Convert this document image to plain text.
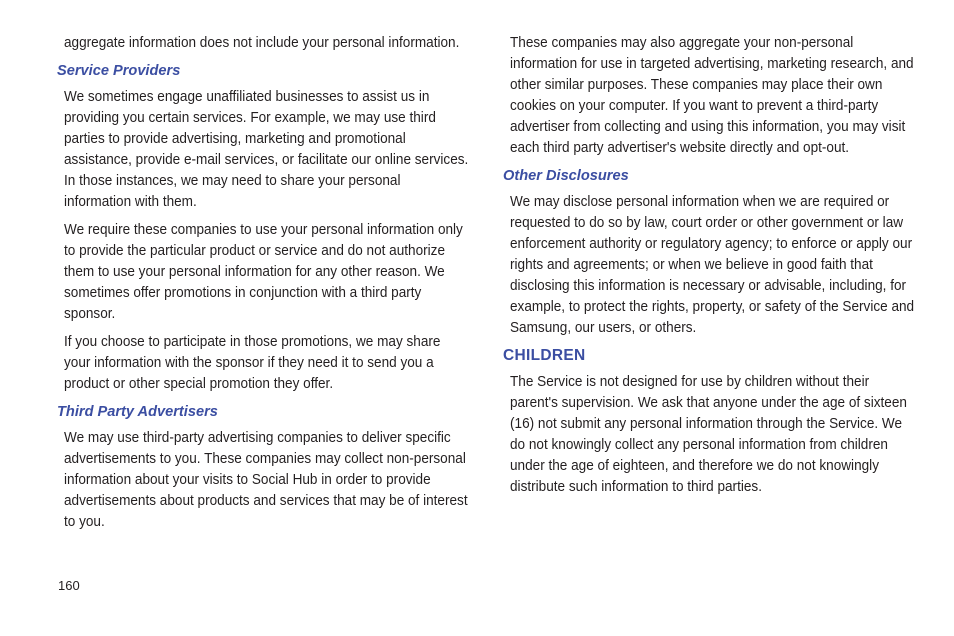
aggregate information does not include your personal information.

Service Providers

We sometimes engage unaffiliated businesses to assist us in providing you certain services. For example, we may use third parties to provide advertising, marketing and promotional assistance, provide e-mail services, or facilitate our online services. In those instances, we may need to share your personal information with them.

We require these companies to use your personal information only to provide the particular product or service and do not authorize them to use your personal information for any other reason. We sometimes offer promotions in conjunction with a third party sponsor.

If you choose to participate in those promotions, we may share your information with the sponsor if they need it to send you a product or other special promotion they offer.

Third Party Advertisers

We may use third-party advertising companies to deliver specific advertisements to you. These companies may collect non-personal information about your visits to Social Hub in order to provide advertisements about products and services that may be of interest to you.

These companies may also aggregate your non-personal information for use in targeted advertising, marketing research, and other similar purposes. These companies may place their own cookies on your computer. If you want to prevent a third-party advertiser from collecting and using this information, you may visit each third party advertiser's website directly and opt-out.

Other Disclosures

We may disclose personal information when we are required or requested to do so by law, court order or other government or law enforcement authority or regulatory agency; to enforce or apply our rights and agreements; or when we believe in good faith that disclosing this information is necessary or advisable, including, for example, to protect the rights, property, or safety of the Service and Samsung, our users, or others.

CHILDREN

The Service is not designed for use by children without their parent's supervision. We ask that anyone under the age of sixteen (16) not submit any personal information through the Service. We do not knowingly collect any personal information from children under the age of eighteen, and therefore we do not knowingly distribute such information to third parties.

160
